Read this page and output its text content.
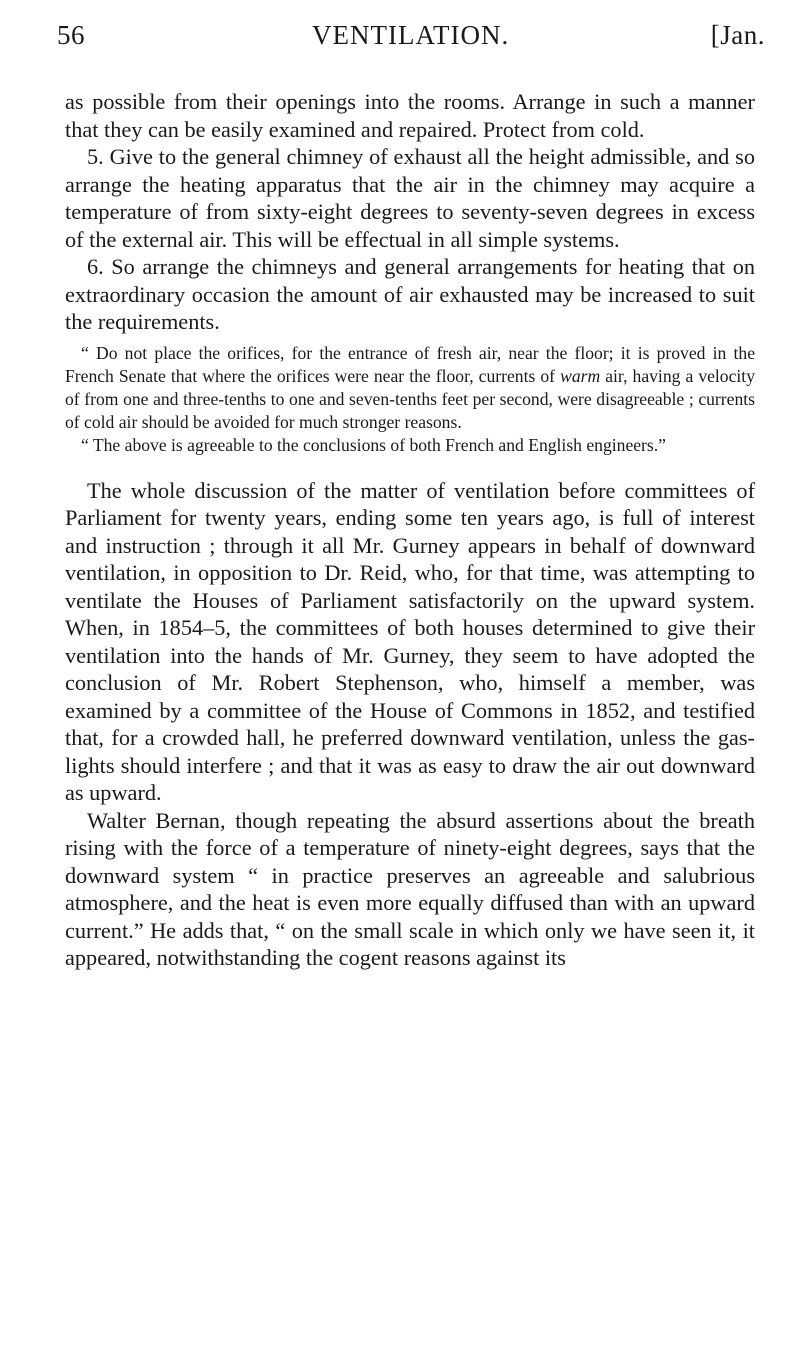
56	VENTILATION.	[Jan.

as possible from their openings into the rooms. Arrange in such a manner that they can be easily examined and repaired. Protect from cold.

5. Give to the general chimney of exhaust all the height admissible, and so arrange the heating apparatus that the air in the chimney may acquire a temperature of from sixty-eight degrees to seventy-seven degrees in excess of the external air. This will be effectual in all simple systems.

6. So arrange the chimneys and general arrangements for heating that on extraordinary occasion the amount of air exhausted may be increased to suit the requirements.

“ Do not place the orifices, for the entrance of fresh air, near the floor; it is proved in the French Senate that where the orifices were near the floor, currents of warm air, having a velocity of from one and three-tenths to one and seven-tenths feet per second, were disagreeable ; currents of cold air should be avoided for much stronger reasons.

“ The above is agreeable to the conclusions of both French and English engineers.”

The whole discussion of the matter of ventilation before committees of Parliament for twenty years, ending some ten years ago, is full of interest and instruction ; through it all Mr. Gurney appears in behalf of downward ventilation, in opposition to Dr. Reid, who, for that time, was attempting to ventilate the Houses of Parliament satisfactorily on the upward system. When, in 1854–5, the committees of both houses determined to give their ventilation into the hands of Mr. Gurney, they seem to have adopted the conclusion of Mr. Robert Stephenson, who, himself a member, was examined by a committee of the House of Commons in 1852, and testified that, for a crowded hall, he preferred downward ventilation, unless the gas-lights should interfere ; and that it was as easy to draw the air out downward as upward.

Walter Bernan, though repeating the absurd assertions about the breath rising with the force of a temperature of ninety-eight degrees, says that the downward system “ in practice preserves an agreeable and salubrious atmosphere, and the heat is even more equally diffused than with an upward current.” He adds that, “ on the small scale in which only we have seen it, it appeared, notwithstanding the cogent reasons against its
